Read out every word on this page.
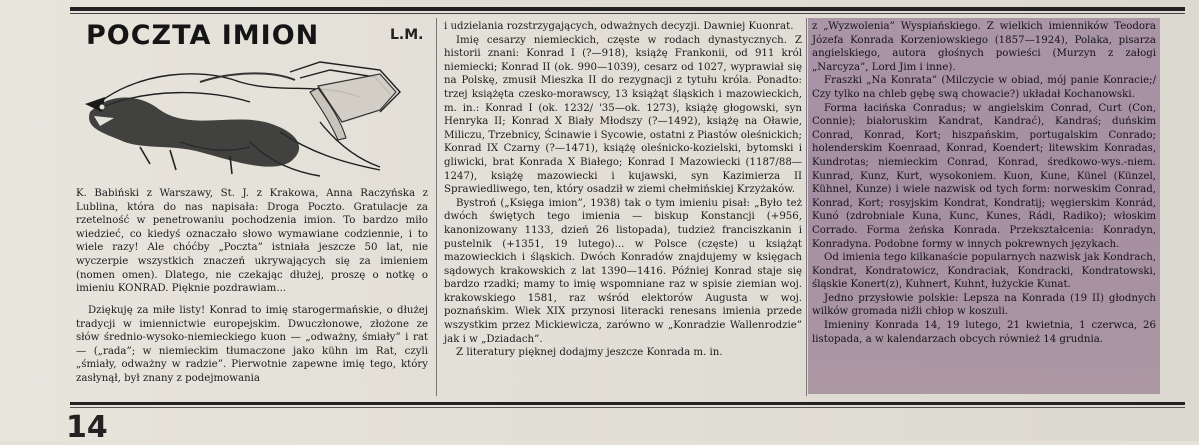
POCZTA IMION	L.M.

K. Babiński z Warszawy, St. J. z Krakowa, Anna Raczyńska z Lublina, która do nas napisała: Droga Poczto. Gratulacje za rzetelność w penetrowaniu pochodzenia imion. To bardzo miło wiedzieć, co kiedyś oznaczało słowo wymawiane codziennie, i to wiele razy! Ale chóćby „Poczta” istniała jeszcze 50 lat, nie wyczerpie wszystkich znaczeń ukrywających się za imieniem (nomen omen). Dlatego, nie czekając dłużej, proszę o notkę o imieniu KONRAD. Pięknie pozdrawiam...

Dziękuję za miłe listy! Konrad to imię starogermańskie, o dłużej tradycji w imiennictwie europejskim. Dwuczłonowe, złożone ze słów średnio-wysoko-niemieckiego kuon — „odważny, śmiały” i rat — („rada”; w niemieckim tłumaczone jako kühn im Rat, czyli „śmiały, odważny w radzie”. Pierwotnie zapewne imię tego, który zasłynął, był znany z podejmowania

i udzielania rozstrzygających, odważnych decyzji. Dawniej Kuonrat.

Imię cesarzy niemieckich, częste w rodach dynastycznych. Z historii znani: Konrad I (?—918), książę Frankonii, od 911 król niemiecki; Konrad II (ok. 990—1039), cesarz od 1027, wyprawiał się na Polskę, zmusił Mieszka II do rezygnacji z tytułu króla. Ponadto: trzej książęta czesko-morawscy, 13 książąt śląskich i mazowieckich, m. in.: Konrad I (ok. 1232/ '35—ok. 1273), książę głogowski, syn Henryka II; Konrad X Biały Młodszy (?—1492), książę na Oławie, Miliczu, Trzebnicy, Ścinawie i Sycowie, ostatni z Piastów oleśnickich; Konrad IX Czarny (?—1471), książę oleśnicko-kozielski, bytomski i gliwicki, brat Konrada X Białego; Konrad I Mazowiecki (1187/88—1247), książę mazowiecki i kujawski, syn Kazimierza II Sprawiedliwego, ten, który osadził w ziemi chełmińskiej Krzyżaków.

Bystroń („Księga imion”, 1938) tak o tym imieniu pisał: „Było też dwóch świętych tego imienia — biskup Konstancji (+956, kanonizowany 1133, dzień 26 listopada), tudzież franciszkanin i pustelnik (+1351, 19 lutego)... w Polsce (częste) u książąt mazowieckich i śląskich. Dwóch Konradów znajdujemy w księgach sądowych krakowskich z lat 1390—1416. Później Konrad staje się bardzo rzadki; mamy to imię wspomniane raz w spisie ziemian woj. krakowskiego 1581, raz wśród elektorów Augusta w woj. poznańskim. Wiek XIX przynosi literacki renesans imienia przede wszystkim przez Mickiewicza, zarówno w „Konradzie Wallenrodzie” jak i w „Dziadach”.

Z literatury pięknej dodajmy jeszcze Konrada m. in.

z „Wyzwolenia” Wyspiańskiego. Z wielkich imienników Teodora Józefa Konrada Korzeniowskiego (1857—1924), Polaka, pisarza angielskiego, autora głośnych powieści (Murzyn z załogi „Narcyza”, Lord Jim i inne).

Fraszki „Na Konrata” (Milczycie w obiad, mój panie Konracie;/ Czy tylko na chleb gębę swą chowacie?) układał Kochanowski.

Forma łacińska Conradus; w angielskim Conrad, Curt (Con, Connie); białoruskim Kandrat, Kandrać), Kandraś; duńskim Conrad, Konrad, Kort; hiszpańskim, portugalskim Conrado; holenderskim Koenraad, Konrad, Koendert; litewskim Konradas, Kundrotas; niemieckim Conrad, Konrad, średkowo-wys.-niem. Kunrad, Kunz, Kurt, wysokoniem. Kuon, Kune, Künel (Künzel, Kühnel, Kunze) i wiele nazwisk od tych form: norweskim Conrad, Konrad, Kort; rosyjskim Kondrat, Kondratij; węgierskim Konrád, Kunó (zdrobniale Kuna, Kunc, Kunes, Rádi, Radiko); włoskim Corrado. Forma żeńska Konrada. Przekształcenia: Konradyn, Konradyna. Podobne formy w innych pokrewnych językach.

Od imienia tego kilkanaście popularnych nazwisk jak Kondrach, Kondrat, Kondratowicz, Kondraciak, Kondracki, Kondratowski, śląskie Konert(z), Kuhnert, Kuhnt, łużyckie Kunat.

Jedno przysłowie polskie: Lepsza na Konrada (19 II) głodnych wilków gromada niźli chłop w koszuli.

Imieniny Konrada 14, 19 lutego, 21 kwietnia, 1 czerwca, 26 listopada, a w kalendarzach obcych również 14 grudnia.

14
